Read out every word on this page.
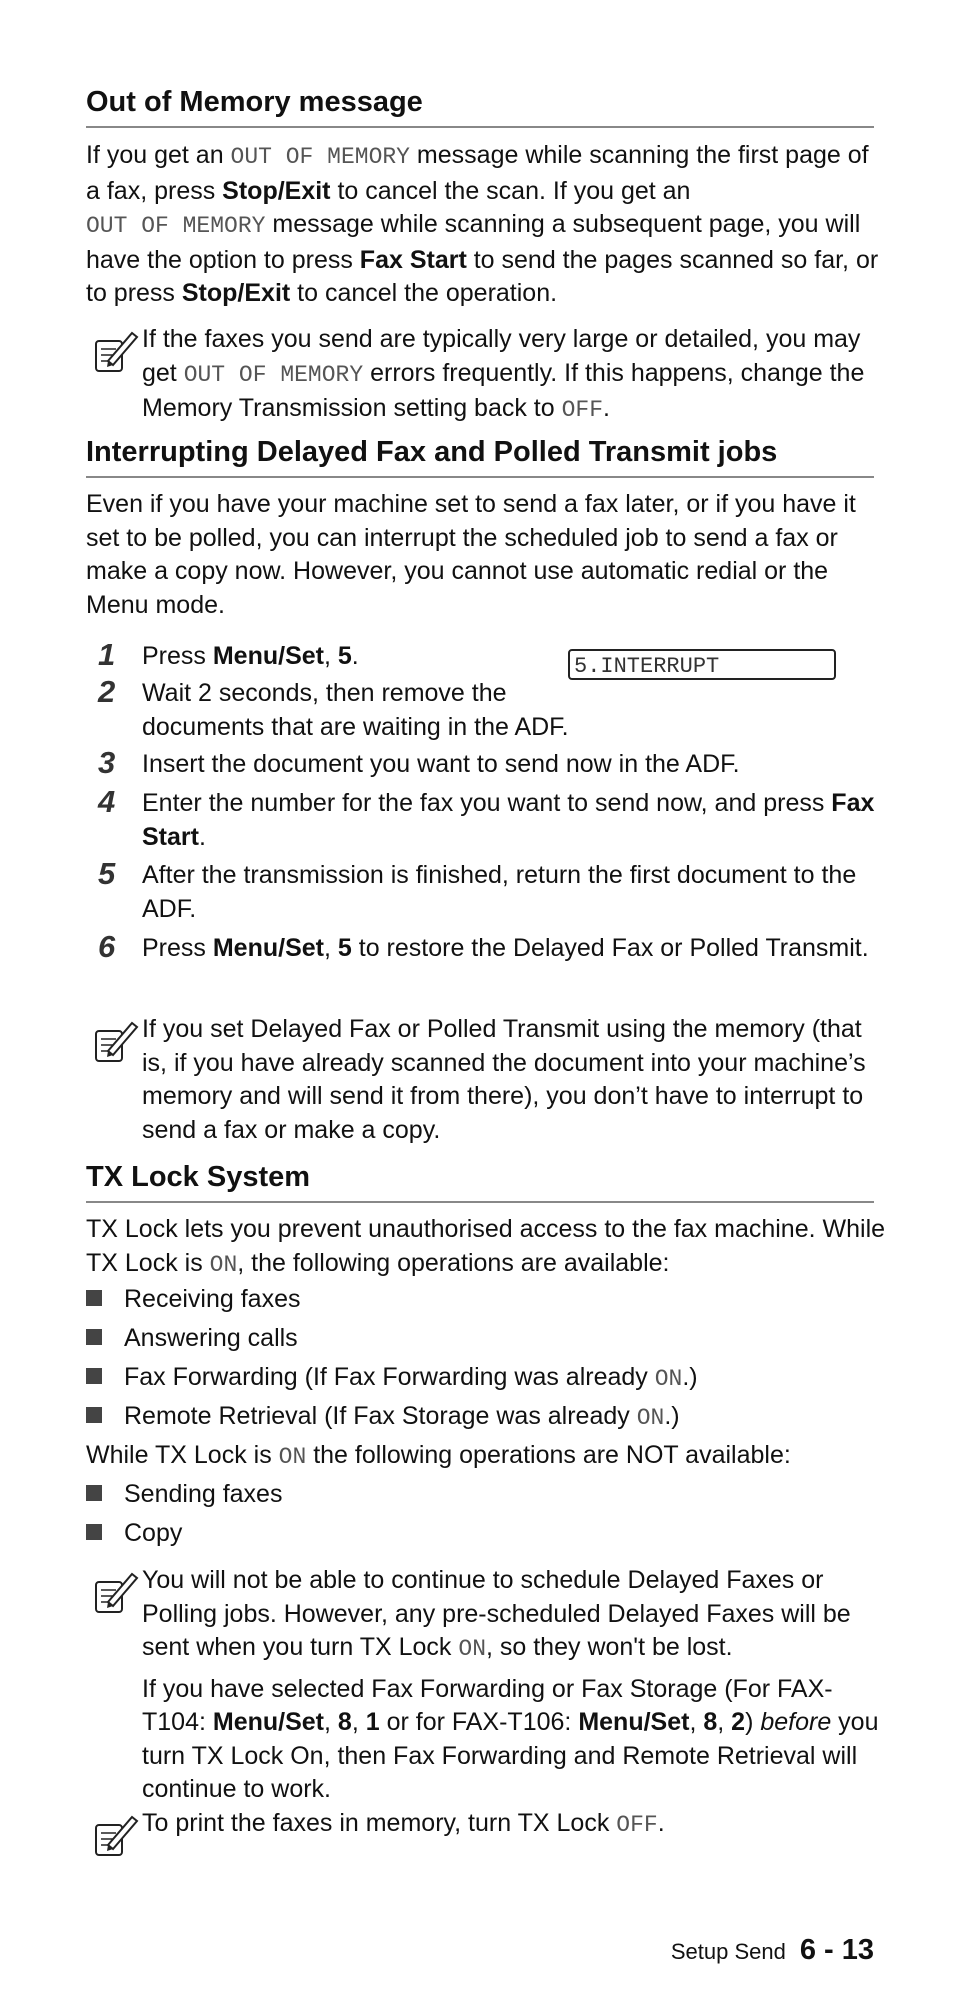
Out of Memory message
If you get an OUT OF MEMORY message while scanning the first page of a fax, press Stop/Exit to cancel the scan. If you get an
OUT OF MEMORY message while scanning a subsequent page, you will have the option to press Fax Start to send the pages scanned so far, or to press Stop/Exit to cancel the operation.
If the faxes you send are typically very large or detailed, you may get OUT OF MEMORY errors frequently. If this happens, change the Memory Transmission setting back to OFF.
Interrupting Delayed Fax and Polled Transmit jobs
Even if you have your machine set to send a fax later, or if you have it set to be polled, you can interrupt the scheduled job to send a fax or make a copy now. However, you cannot use automatic redial or the Menu mode.
5.INTERRUPT
1 Press Menu/Set, 5.
2 Wait 2 seconds, then remove the documents that are waiting in the ADF.
3 Insert the document you want to send now in the ADF.
4 Enter the number for the fax you want to send now, and press Fax Start.
5 After the transmission is finished, return the first document to the ADF.
6 Press Menu/Set, 5 to restore the Delayed Fax or Polled Transmit.
If you set Delayed Fax or Polled Transmit using the memory (that is, if you have already scanned the document into your machine’s memory and will send it from there), you don’t have to interrupt to send a fax or make a copy.
TX Lock System
TX Lock lets you prevent unauthorised access to the fax machine. While TX Lock is ON, the following operations are available:
Receiving faxes
Answering calls
Fax Forwarding (If Fax Forwarding was already ON.)
Remote Retrieval (If Fax Storage was already ON.)
While TX Lock is ON the following operations are NOT available:
Sending faxes
Copy
You will not be able to continue to schedule Delayed Faxes or Polling jobs. However, any pre-scheduled Delayed Faxes will be sent when you turn TX Lock ON, so they won't be lost.
If you have selected Fax Forwarding or Fax Storage (For FAX-T104: Menu/Set, 8, 1 or for FAX-T106: Menu/Set, 8, 2) before you turn TX Lock On, then Fax Forwarding and Remote Retrieval will continue to work.
To print the faxes in memory, turn TX Lock OFF.
Setup Send 6 - 13
